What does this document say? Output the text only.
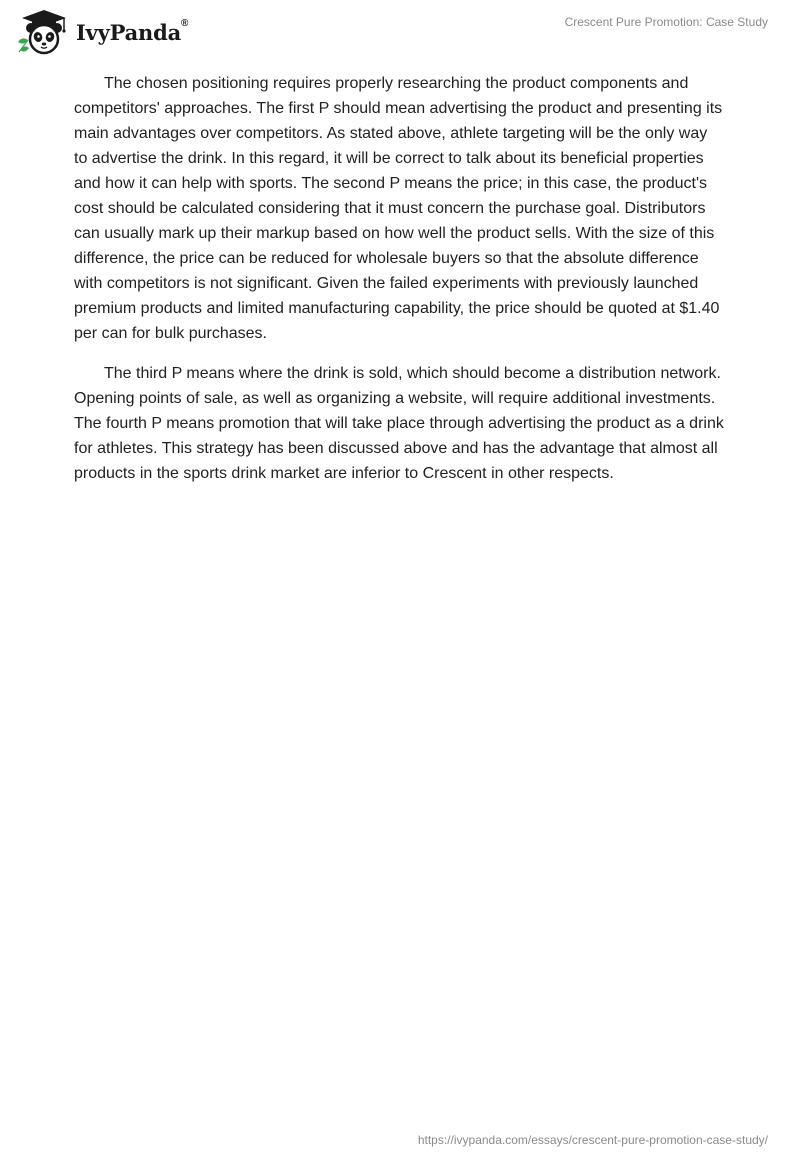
IvyPanda®	Crescent Pure Promotion: Case Study

The chosen positioning requires properly researching the product components and competitors' approaches. The first P should mean advertising the product and presenting its main advantages over competitors. As stated above, athlete targeting will be the only way to advertise the drink. In this regard, it will be correct to talk about its beneficial properties and how it can help with sports. The second P means the price; in this case, the product's cost should be calculated considering that it must concern the purchase goal. Distributors can usually mark up their markup based on how well the product sells. With the size of this difference, the price can be reduced for wholesale buyers so that the absolute difference with competitors is not significant. Given the failed experiments with previously launched premium products and limited manufacturing capability, the price should be quoted at $1.40 per can for bulk purchases.

The third P means where the drink is sold, which should become a distribution network. Opening points of sale, as well as organizing a website, will require additional investments. The fourth P means promotion that will take place through advertising the product as a drink for athletes. This strategy has been discussed above and has the advantage that almost all products in the sports drink market are inferior to Crescent in other respects.

https://ivypanda.com/essays/crescent-pure-promotion-case-study/
